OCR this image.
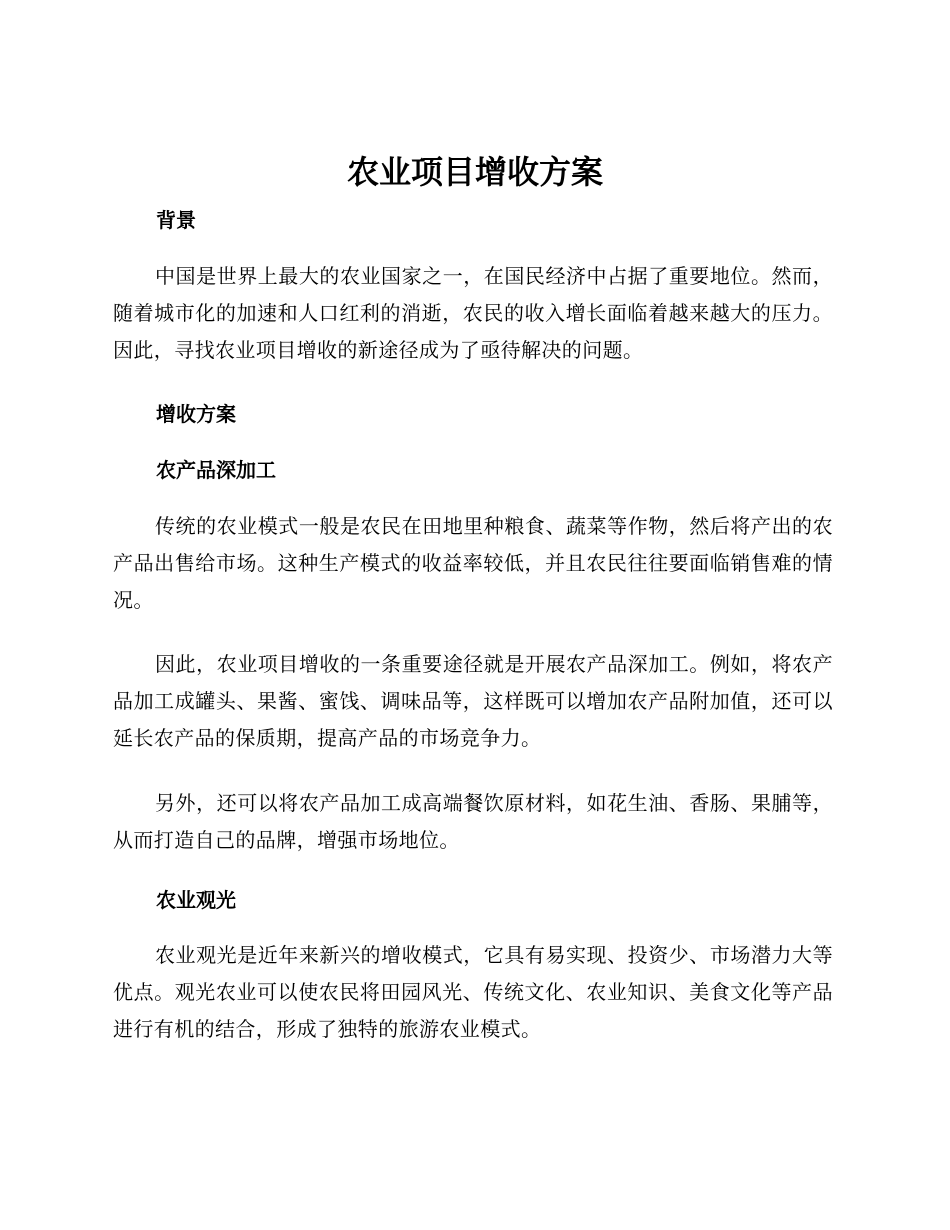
农业项目增收方案
背景

中国是世界上最大的农业国家之一，在国民经济中占据了重要地位。然而，随着城市化的加速和人口红利的消逝，农民的收入增长面临着越来越大的压力。因此，寻找农业项目增收的新途径成为了亟待解决的问题。

增收方案
农产品深加工

传统的农业模式一般是农民在田地里种粮食、蔬菜等作物，然后将产出的农产品出售给市场。这种生产模式的收益率较低，并且农民往往要面临销售难的情况。

因此，农业项目增收的一条重要途径就是开展农产品深加工。例如，将农产品加工成罐头、果酱、蜜饯、调味品等，这样既可以增加农产品附加值，还可以延长农产品的保质期，提高产品的市场竞争力。

另外，还可以将农产品加工成高端餐饮原材料，如花生油、香肠、果脯等，从而打造自己的品牌，增强市场地位。

农业观光

农业观光是近年来新兴的增收模式，它具有易实现、投资少、市场潜力大等优点。观光农业可以使农民将田园风光、传统文化、农业知识、美食文化等产品进行有机的结合，形成了独特的旅游农业模式。
